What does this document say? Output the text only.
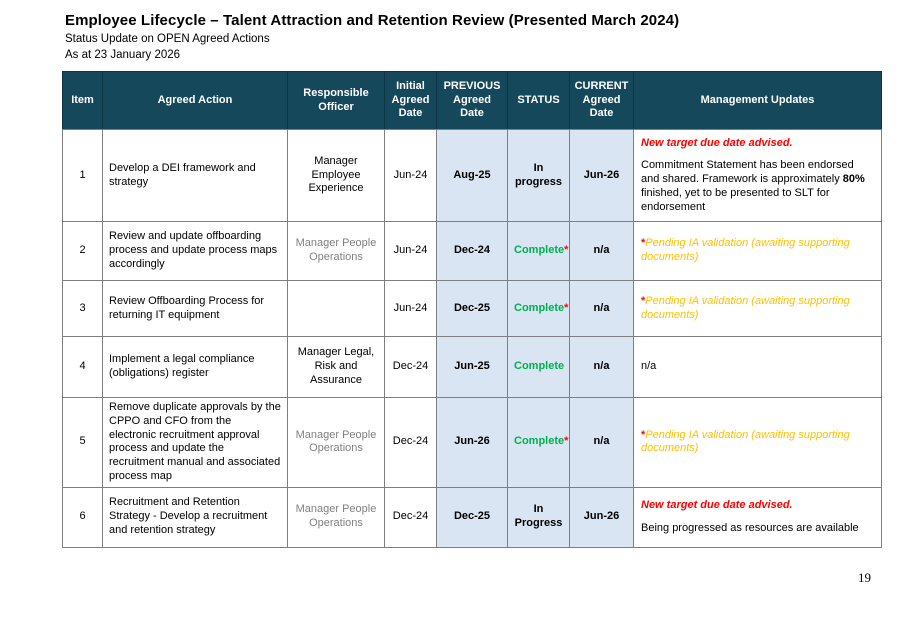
Employee Lifecycle – Talent Attraction and Retention Review (Presented March 2024)
Status Update on OPEN Agreed Actions
As at 23 January 2026
Item	Agreed Action	Responsible Officer	Initial Agreed Date	PREVIOUS Agreed Date	STATUS	CURRENT Agreed Date	Management Updates
1	Develop a DEI framework and strategy	Manager Employee Experience	Jun-24	Aug-25	In progress	Jun-26	New target due date advised.

Commitment Statement has been endorsed and shared. Framework is approximately 80% finished, yet to be presented to SLT for endorsement

2	Review and update offboarding process and update process maps accordingly	Manager People Operations	Jun-24	Dec-24	Complete*	n/a	*Pending IA validation (awaiting supporting documents)

3	Review Offboarding Process for returning IT equipment		Jun-24	Dec-25	Complete*	n/a	*Pending IA validation (awaiting supporting documents)

4	Implement a legal compliance (obligations) register	Manager Legal, Risk and Assurance	Dec-24	Jun-25	Complete	n/a	n/a

5	Remove duplicate approvals by the CPPO and CFO from the electronic recruitment approval process and update the recruitment manual and associated process map	Manager People Operations	Dec-24	Jun-26	Complete*	n/a	*Pending IA validation (awaiting supporting documents)

6	Recruitment and Retention Strategy - Develop a recruitment and retention strategy	Manager People Operations	Dec-24	Dec-25	In Progress	Jun-26	New target due date advised.

Being progressed as resources are available

19
